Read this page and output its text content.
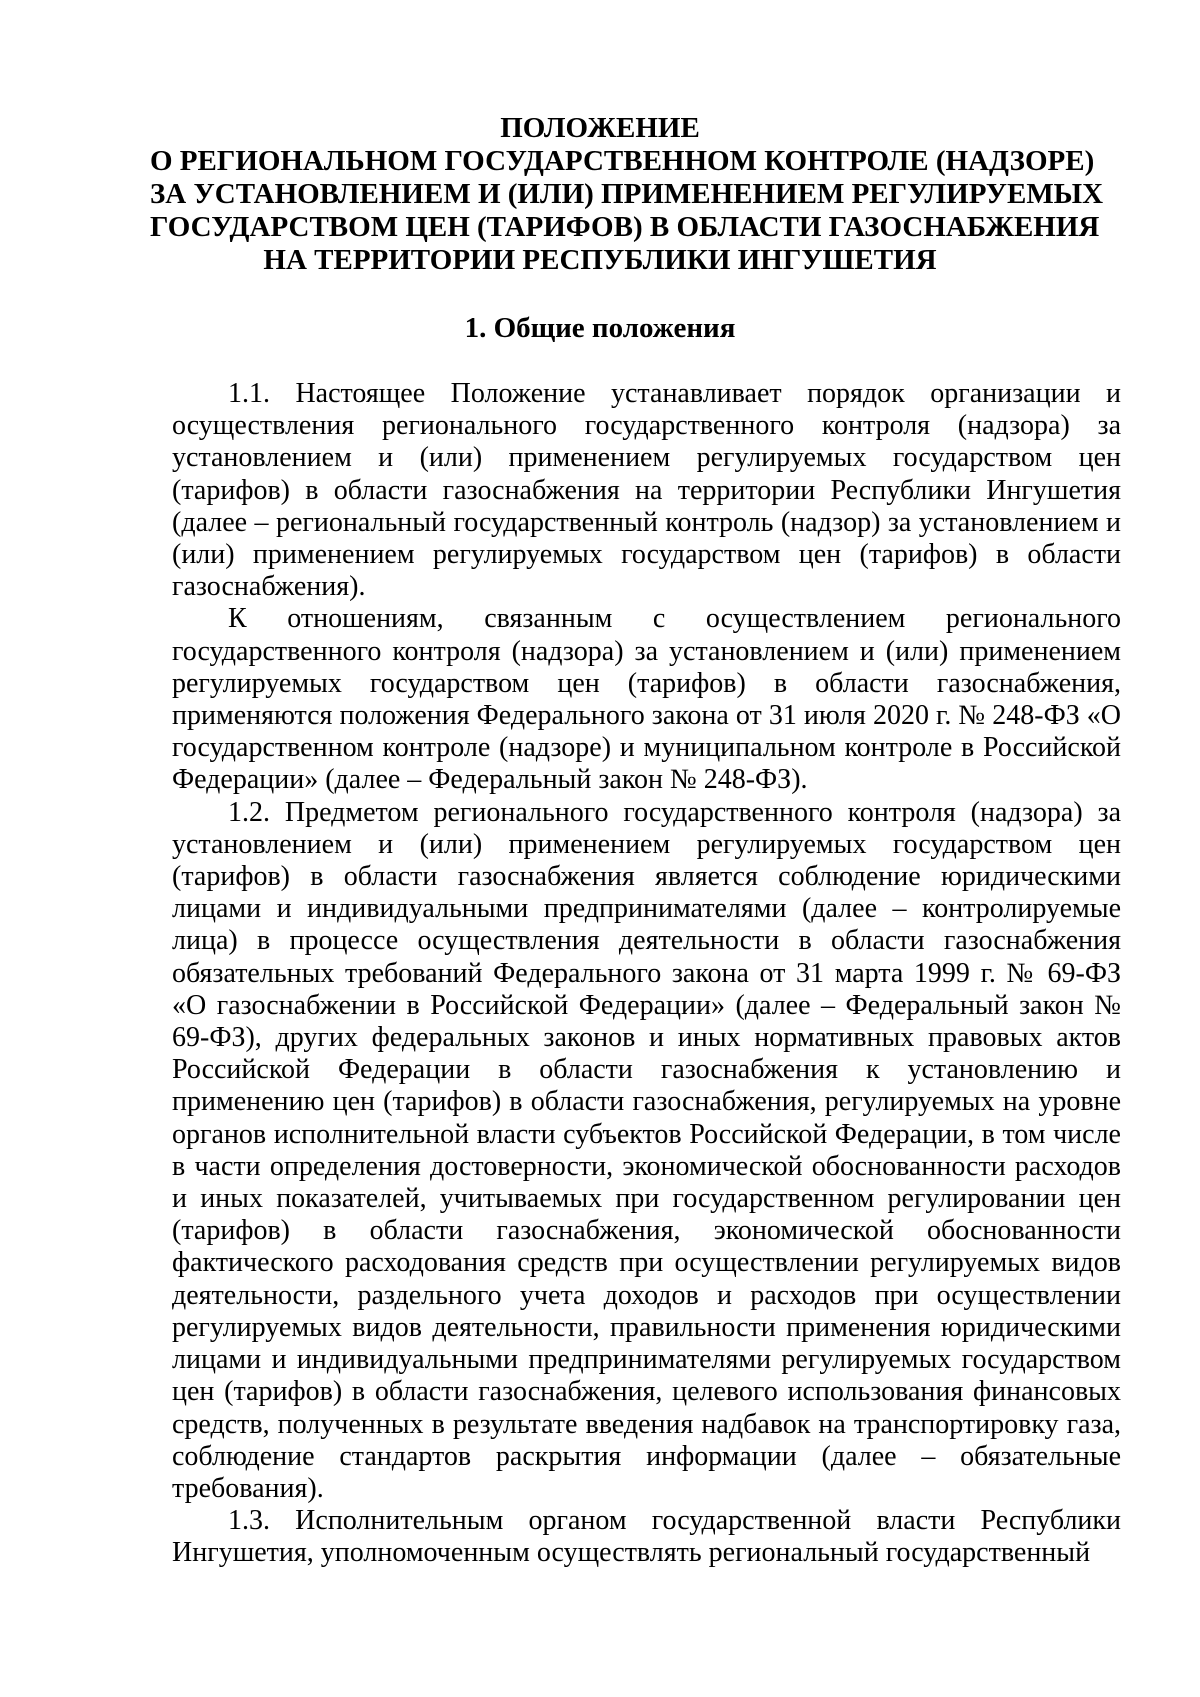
ПОЛОЖЕНИЕ
О РЕГИОНАЛЬНОМ ГОСУДАРСТВЕННОМ КОНТРОЛЕ (НАДЗОРЕ)
ЗА УСТАНОВЛЕНИЕМ И (ИЛИ) ПРИМЕНЕНИЕМ РЕГУЛИРУЕМЫХ
ГОСУДАРСТВОМ ЦЕН (ТАРИФОВ) В ОБЛАСТИ ГАЗОСНАБЖЕНИЯ
НА ТЕРРИТОРИИ РЕСПУБЛИКИ ИНГУШЕТИЯ
1. Общие положения

1.1. Настоящее Положение устанавливает порядок организации и осуществления регионального государственного контроля (надзора) за установлением и (или) применением регулируемых государством цен (тарифов) в области газоснабжения на территории Республики Ингушетия (далее – региональный государственный контроль (надзор) за установлением и (или) применением регулируемых государством цен (тарифов) в области газоснабжения).

К отношениям, связанным с осуществлением регионального государственного контроля (надзора) за установлением и (или) применением регулируемых государством цен (тарифов) в области газоснабжения, применяются положения Федерального закона от 31 июля 2020 г. № 248-ФЗ «О государственном контроле (надзоре) и муниципальном контроле в Российской Федерации» (далее – Федеральный закон № 248-ФЗ).

1.2. Предметом регионального государственного контроля (надзора) за установлением и (или) применением регулируемых государством цен (тарифов) в области газоснабжения является соблюдение юридическими лицами и индивидуальными предпринимателями (далее – контролируемые лица) в процессе осуществления деятельности в области газоснабжения обязательных требований Федерального закона от 31 марта 1999 г. № 69-ФЗ «О газоснабжении в Российской Федерации» (далее – Федеральный закон № 69-ФЗ), других федеральных законов и иных нормативных правовых актов Российской Федерации в области газоснабжения к установлению и применению цен (тарифов) в области газоснабжения, регулируемых на уровне органов исполнительной власти субъектов Российской Федерации, в том числе в части определения достоверности, экономической обоснованности расходов и иных показателей, учитываемых при государственном регулировании цен (тарифов) в области газоснабжения, экономической обоснованности фактического расходования средств при осуществлении регулируемых видов деятельности, раздельного учета доходов и расходов при осуществлении регулируемых видов деятельности, правильности применения юридическими лицами и индивидуальными предпринимателями регулируемых государством цен (тарифов) в области газоснабжения, целевого использования финансовых средств, полученных в результате введения надбавок на транспортировку газа, соблюдение стандартов раскрытия информации (далее – обязательные требования).

1.3. Исполнительным органом государственной власти Республики Ингушетия, уполномоченным осуществлять региональный государственный
